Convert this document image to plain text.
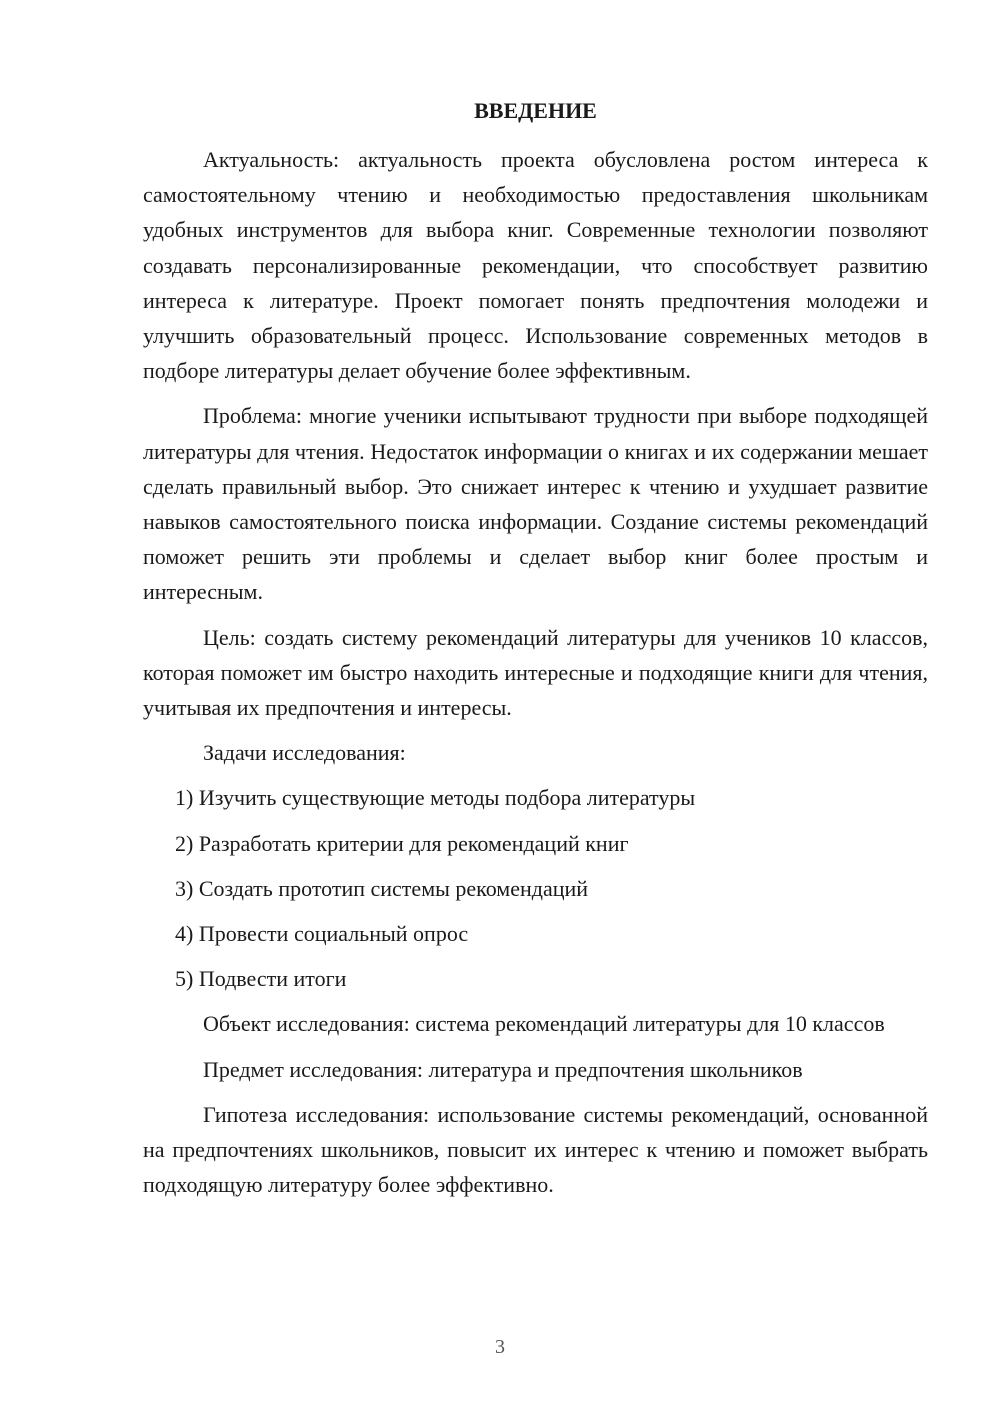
ВВЕДЕНИЕ

Актуальность: актуальность проекта обусловлена ростом интереса к самостоятельному чтению и необходимостью предоставления школьникам удобных инструментов для выбора книг. Современные технологии позволяют создавать персонализированные рекомендации, что способствует развитию интереса к литературе. Проект помогает понять предпочтения молодежи и улучшить образовательный процесс. Использование современных методов в подборе литературы делает обучение более эффективным.

Проблема: многие ученики испытывают трудности при выборе подходящей литературы для чтения. Недостаток информации о книгах и их содержании мешает сделать правильный выбор. Это снижает интерес к чтению и ухудшает развитие навыков самостоятельного поиска информации. Создание системы рекомендаций поможет решить эти проблемы и сделает выбор книг более простым и интересным.

Цель: создать систему рекомендаций литературы для учеников 10 классов, которая поможет им быстро находить интересные и подходящие книги для чтения, учитывая их предпочтения и интересы.

Задачи исследования:

1) Изучить существующие методы подбора литературы
2) Разработать критерии для рекомендаций книг
3) Создать прототип системы рекомендаций
4) Провести социальный опрос
5) Подвести итоги

Объект исследования: система рекомендаций литературы для 10 классов

Предмет исследования: литература и предпочтения школьников

Гипотеза исследования: использование системы рекомендаций, основанной на предпочтениях школьников, повысит их интерес к чтению и поможет выбрать подходящую литературу более эффективно.

3
